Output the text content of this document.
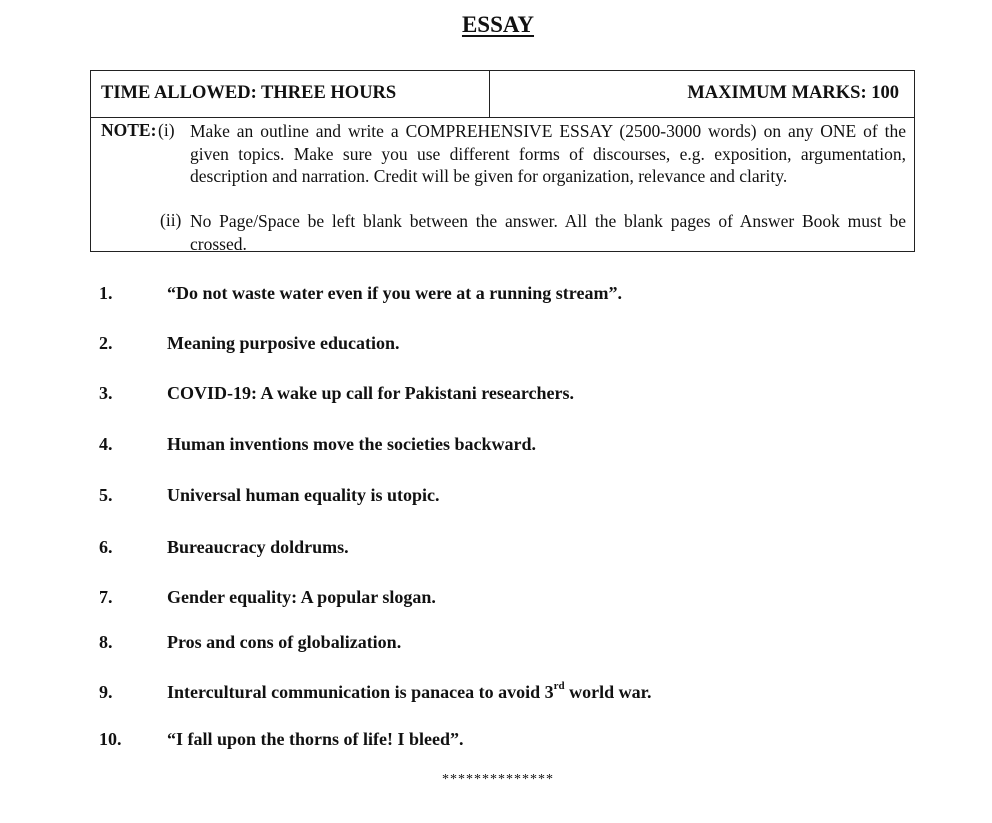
ESSAY
TIME ALLOWED: THREE HOURS	MAXIMUM MARKS: 100
NOTE: (i) Make an outline and write a COMPREHENSIVE ESSAY (2500-3000 words) on any ONE of the given topics. Make sure you use different forms of discourses, e.g. exposition, argumentation, description and narration. Credit will be given for organization, relevance and clarity.
(ii) No Page/Space be left blank between the answer. All the blank pages of Answer Book must be crossed.
1.	“Do not waste water even if you were at a running stream”.
2.	Meaning purposive education.
3.	COVID-19: A wake up call for Pakistani researchers.
4.	Human inventions move the societies backward.
5.	Universal human equality is utopic.
6.	Bureaucracy doldrums.
7.	Gender equality: A popular slogan.
8.	Pros and cons of globalization.
9.	Intercultural communication is panacea to avoid 3rd world war.
10.	“I fall upon the thorns of life! I bleed”.
**************
